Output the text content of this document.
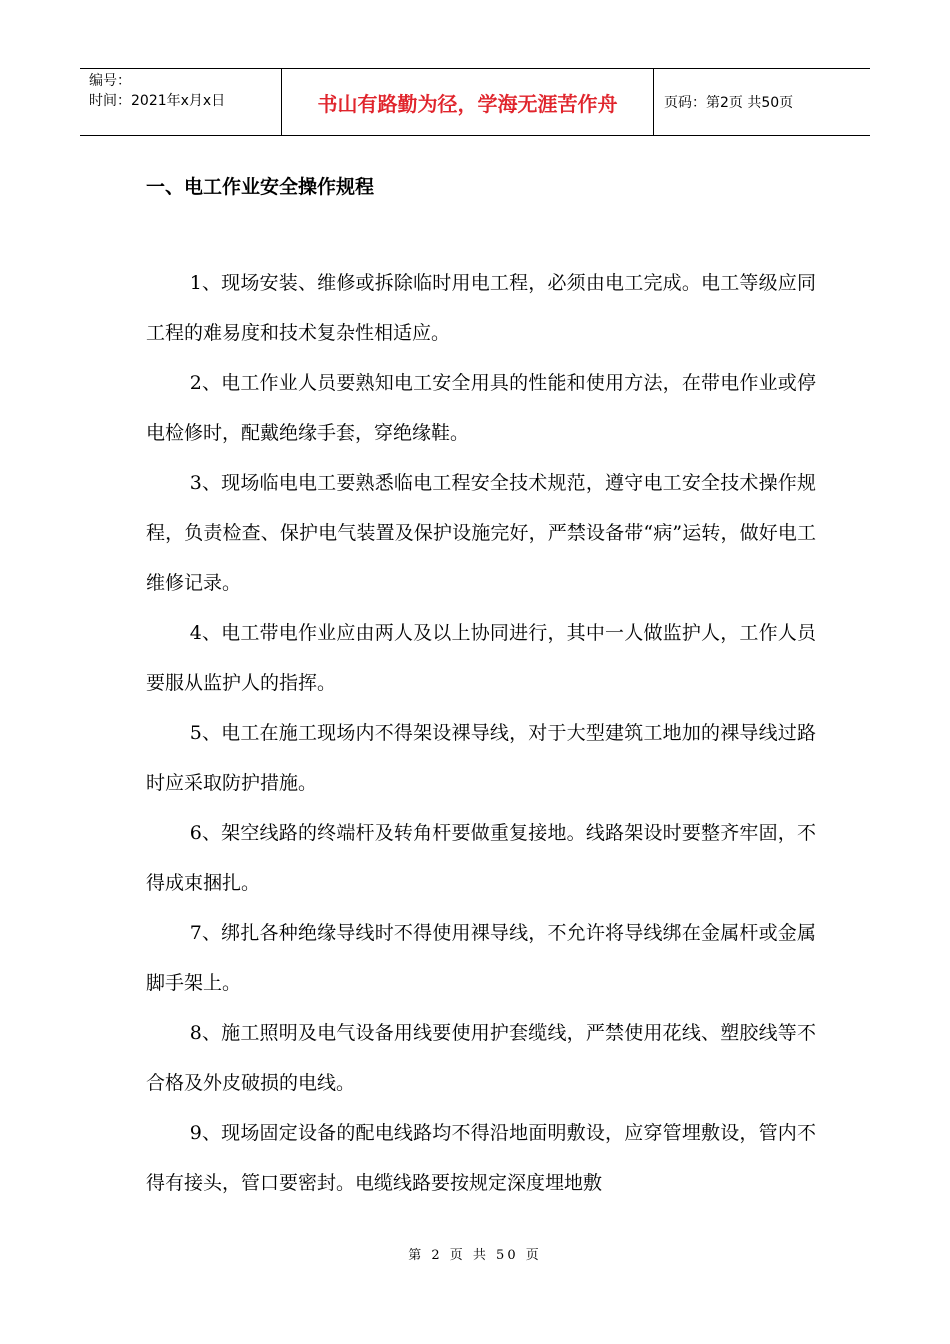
编号：
时间：2021年x月x日	书山有路勤为径，学海无涯苦作舟	页码：第2页 共50页
一、电工作业安全操作规程

1、现场安装、维修或拆除临时用电工程，必须由电工完成。电工等级应同工程的难易度和技术复杂性相适应。

2、电工作业人员要熟知电工安全用具的性能和使用方法，在带电作业或停电检修时，配戴绝缘手套，穿绝缘鞋。

3、现场临电电工要熟悉临电工程安全技术规范，遵守电工安全技术操作规程，负责检查、保护电气装置及保护设施完好，严禁设备带“病”运转，做好电工维修记录。

4、电工带电作业应由两人及以上协同进行，其中一人做监护人，工作人员要服从监护人的指挥。

5、电工在施工现场内不得架设裸导线，对于大型建筑工地加的裸导线过路时应采取防护措施。

6、架空线路的终端杆及转角杆要做重复接地。线路架设时要整齐牢固，不得成束捆扎。

7、绑扎各种绝缘导线时不得使用裸导线，不允许将导线绑在金属杆或金属脚手架上。

8、施工照明及电气设备用线要使用护套缆线，严禁使用花线、塑胶线等不合格及外皮破损的电线。

9、现场固定设备的配电线路均不得沿地面明敷设，应穿管埋敷设，管内不得有接头，管口要密封。电缆线路要按规定深度埋地敷

第 2 页 共 50 页
